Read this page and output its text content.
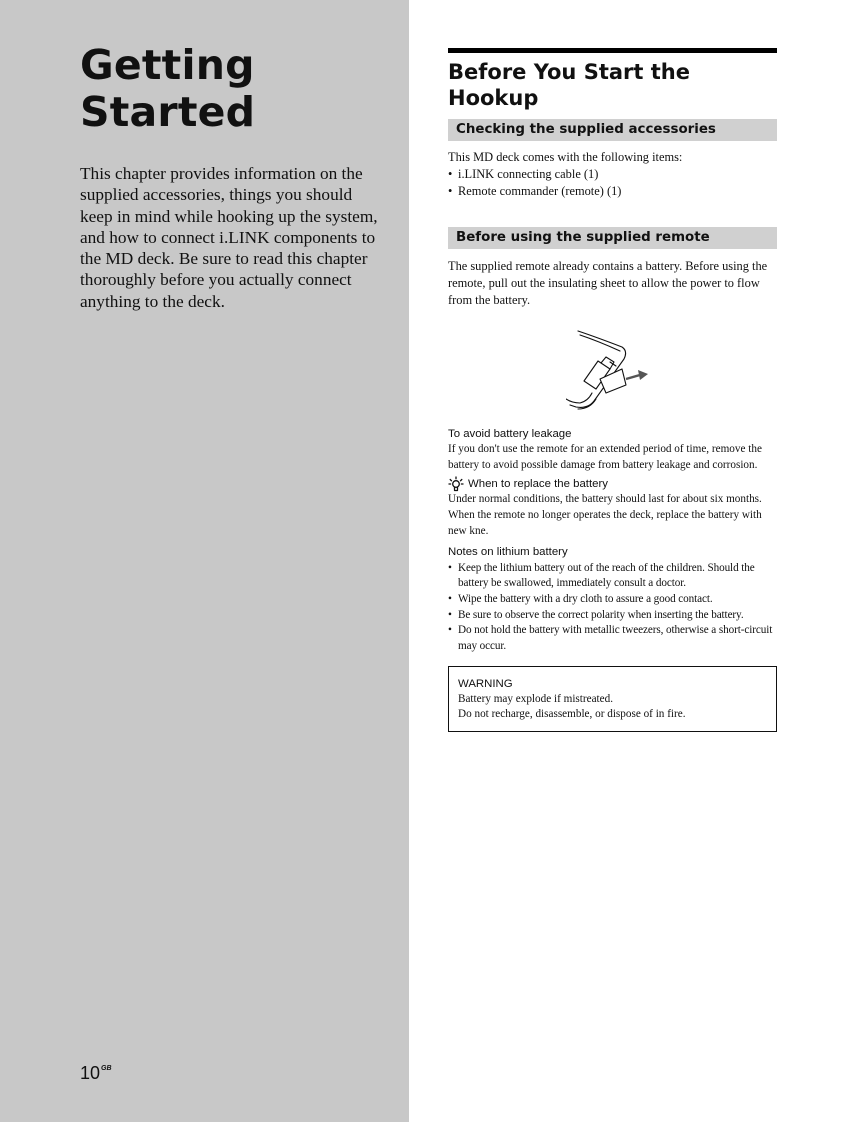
Getting
Started

This chapter provides information on the supplied accessories, things you should keep in mind while hooking up the system, and how to connect i.LINK components to the MD deck. Be sure to read this chapter thoroughly before you actually connect anything to the deck.

$10^{GB}$
Before You Start the
Hookup
Checking the supplied accessories

This MD deck comes with the following items:

• i.LINK connecting cable (1)
• Remote commander (remote) (1)
Before using the supplied remote

The supplied remote already contains a battery. Before using the remote, pull out the insulating sheet to allow the power to flow from the battery.

To avoid battery leakage

If you don't use the remote for an extended period of time, remove the battery to avoid possible damage from battery leakage and corrosion.

When to replace the battery

Under normal conditions, the battery should last for about six months. When the remote no longer operates the deck, replace the battery with new kne.

Notes on lithium battery

• Keep the lithium battery out of the reach of the children. Should the battery be swallowed, immediately consult a doctor.
• Wipe the battery with a dry cloth to assure a good contact.
• Be sure to observe the correct polarity when inserting the battery.
• Do not hold the battery with metallic tweezers, otherwise a short-circuit may occur.

WARNING

Battery may explode if mistreated.

Do not recharge, disassemble, or dispose of in fire.
